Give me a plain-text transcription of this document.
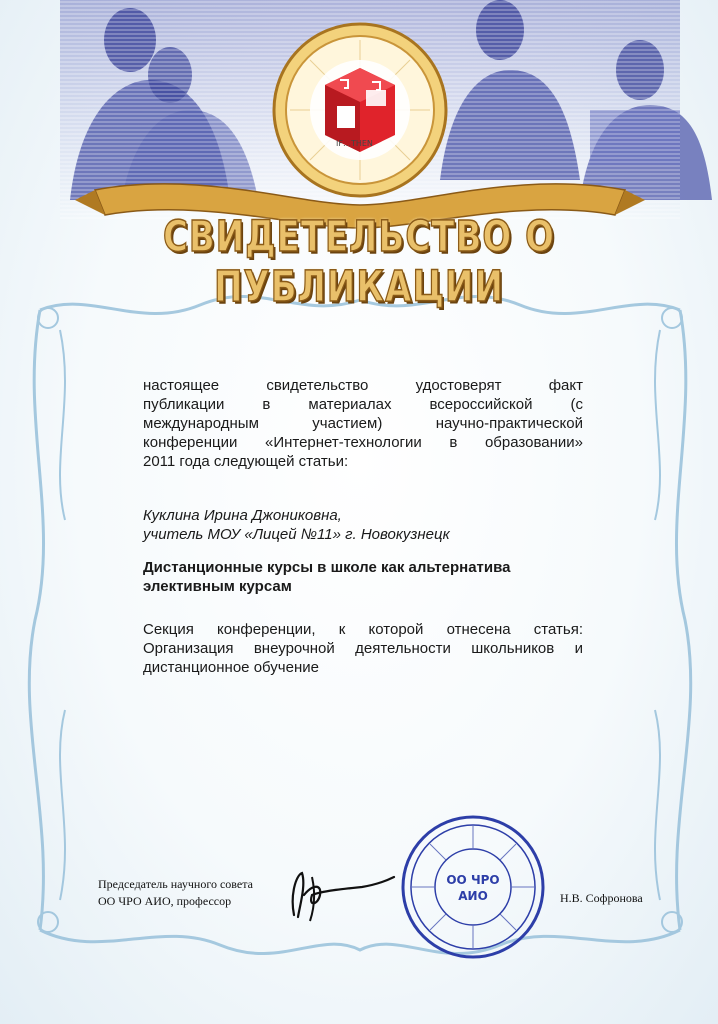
IF…THEN
СВИДЕТЕЛЬСТВО О ПУБЛИКАЦИИ
настоящее свидетельство удостоверят факт
публикации в материалах всероссийской (с
международным участием) научно-практической
конференции «Интернет-технологии в образовании»
2011 года следующей статьи:
Куклина Ирина Джониковна,
учитель МОУ «Лицей №11» г. Новокузнецк
Дистанционные курсы в школе как альтернатива
элективным курсам
Секция конференции, к которой отнесена статья:
Организация внеурочной деятельности школьников и
дистанционное обучение
Председатель научного совета
ОО ЧРО АИО, профессор
ОО ЧРО
АИО	Н.В. Софронова
